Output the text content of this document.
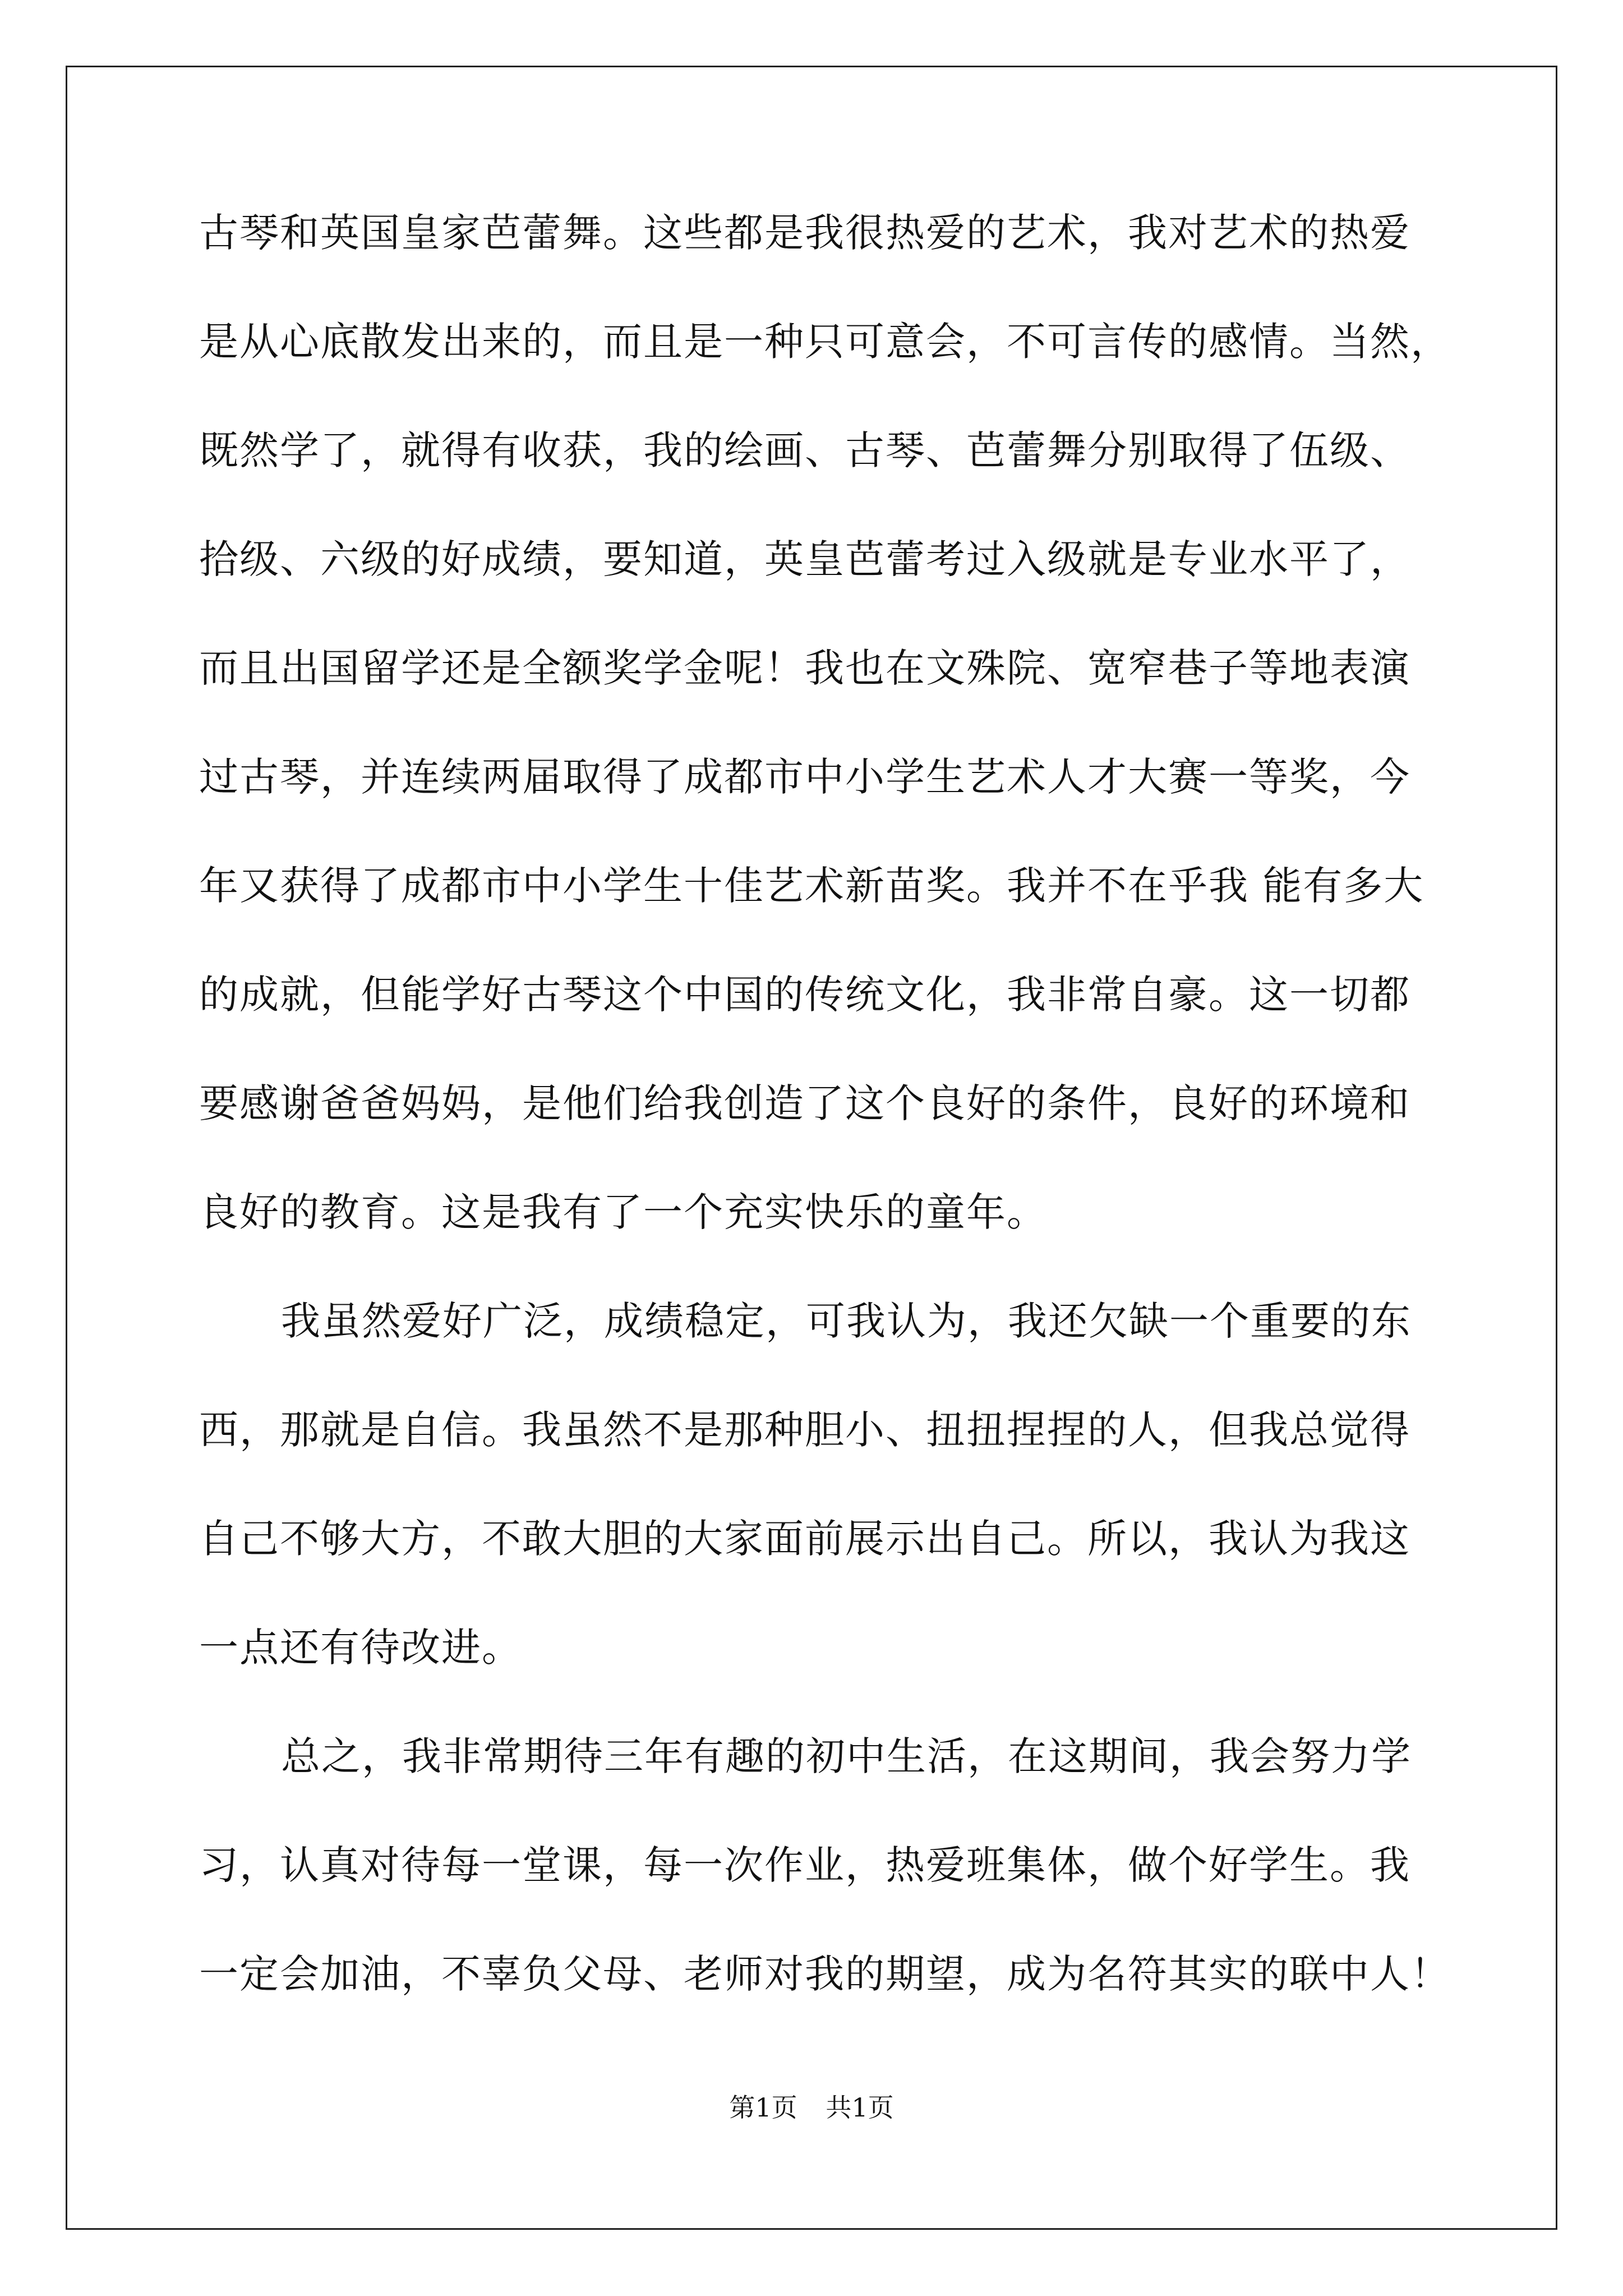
古琴和英国皇家芭蕾舞。这些都是我很热爱的艺术，我对艺术的热爱
是从心底散发出来的，而且是一种只可意会，不可言传的感情。当然，
既然学了，就得有收获，我的绘画、古琴、芭蕾舞分别取得了伍级、
拾级、六级的好成绩，要知道，英皇芭蕾考过入级就是专业水平了，
而且出国留学还是全额奖学金呢！我也在文殊院、宽窄巷子等地表演
过古琴，并连续两届取得了成都市中小学生艺术人才大赛一等奖，今
年又获得了成都市中小学生十佳艺术新苗奖。我并不在乎我 能有多大
的成就，但能学好古琴这个中国的传统文化，我非常自豪。这一切都
要感谢爸爸妈妈，是他们给我创造了这个良好的条件，良好的环境和
良好的教育。这是我有了一个充实快乐的童年。
我虽然爱好广泛，成绩稳定，可我认为，我还欠缺一个重要的东
西，那就是自信。我虽然不是那种胆小、扭扭捏捏的人，但我总觉得
自己不够大方，不敢大胆的大家面前展示出自己。所以，我认为我这
一点还有待改进。
总之，我非常期待三年有趣的初中生活，在这期间，我会努力学
习，认真对待每一堂课，每一次作业，热爱班集体，做个好学生。我
一定会加油，不辜负父母、老师对我的期望，成为名符其实的联中人！
第1页 共1页
